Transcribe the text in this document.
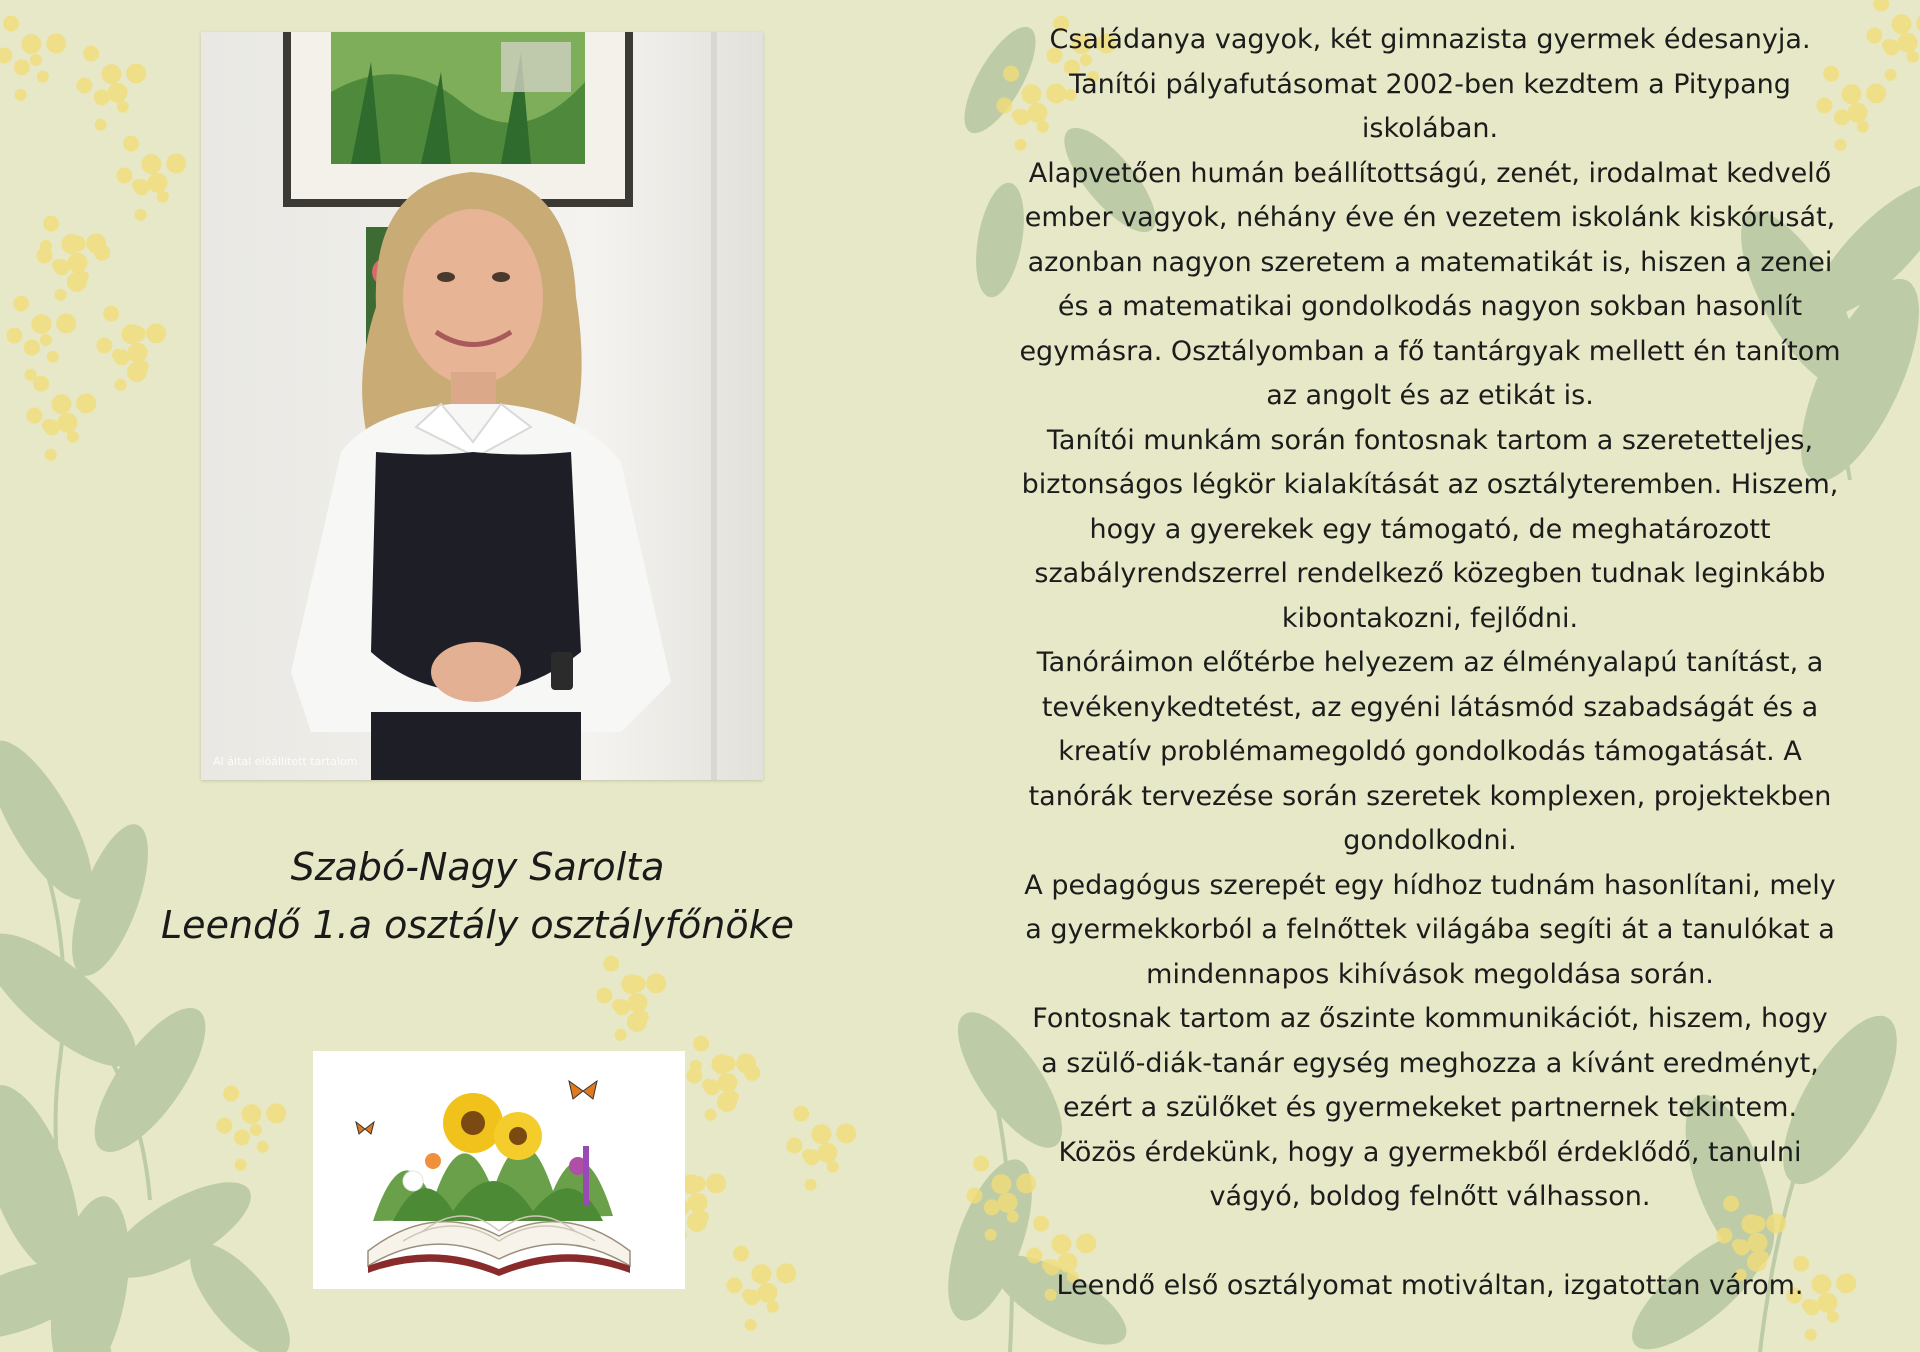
AI által előállított tartalom
Szabó-Nagy Sarolta
Leendő 1.a osztály osztályfőnöke
Családanya vagyok, két gimnazista gyermek édesanyja.
Tanítói pályafutásomat 2002-ben kezdtem a Pitypang
iskolában.
Alapvetően humán beállítottságú, zenét, irodalmat kedvelő
ember vagyok, néhány éve én vezetem iskolánk kiskórusát,
azonban nagyon szeretem a matematikát is, hiszen a zenei
és a matematikai gondolkodás nagyon sokban hasonlít
egymásra. Osztályomban a fő tantárgyak mellett én tanítom
az angolt és az etikát is.
Tanítói munkám során fontosnak tartom a szeretetteljes,
biztonságos légkör kialakítását az osztályteremben. Hiszem,
hogy a gyerekek egy támogató, de meghatározott
szabályrendszerrel rendelkező közegben tudnak leginkább
kibontakozni, fejlődni.
Tanóráimon előtérbe helyezem az élményalapú tanítást, a
tevékenykedtetést, az egyéni látásmód szabadságát és a
kreatív problémamegoldó gondolkodás támogatását. A
tanórák tervezése során szeretek komplexen, projektekben
gondolkodni.
A pedagógus szerepét egy hídhoz tudnám hasonlítani, mely
a gyermekkorból a felnőttek világába segíti át a tanulókat a
mindennapos kihívások megoldása során.
Fontosnak tartom az őszinte kommunikációt, hiszem, hogy
a szülő-diák-tanár egység meghozza a kívánt eredményt,
ezért a szülőket és gyermekeket partnernek tekintem.
Közös érdekünk, hogy a gyermekből érdeklődő, tanulni
vágyó, boldog felnőtt válhasson.
Leendő első osztályomat motiváltan, izgatottan várom.
